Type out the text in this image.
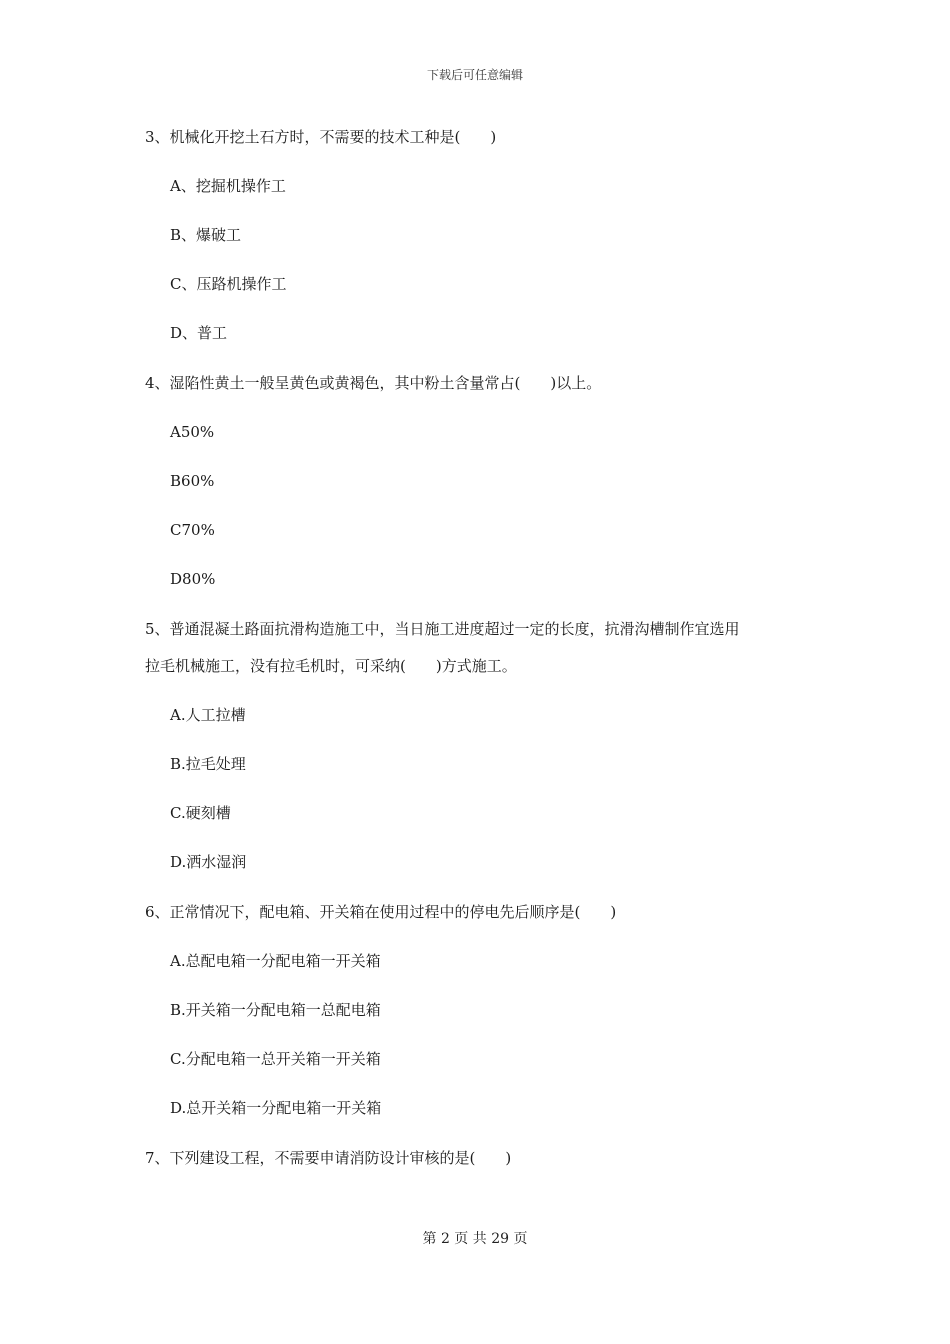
下载后可任意编辑
3、机械化开挖土石方时，不需要的技术工种是(　　)
A、挖掘机操作工
B、爆破工
C、压路机操作工
D、普工
4、湿陷性黄土一般呈黄色或黄褐色，其中粉土含量常占(　　)以上。
A50%
B60%
C70%
D80%
5、普通混凝土路面抗滑构造施工中，当日施工进度超过一定的长度，抗滑沟槽制作宜选用
拉毛机械施工，没有拉毛机时，可采纳(　　)方式施工。
A.人工拉槽
B.拉毛处理
C.硬刻槽
D.洒水湿润
6、正常情况下，配电箱、开关箱在使用过程中的停电先后顺序是(　　)
A.总配电箱一分配电箱一开关箱
B.开关箱一分配电箱一总配电箱
C.分配电箱一总开关箱一开关箱
D.总开关箱一分配电箱一开关箱
7、下列建设工程，不需要申请消防设计审核的是(　　)
第 2 页 共 29 页
